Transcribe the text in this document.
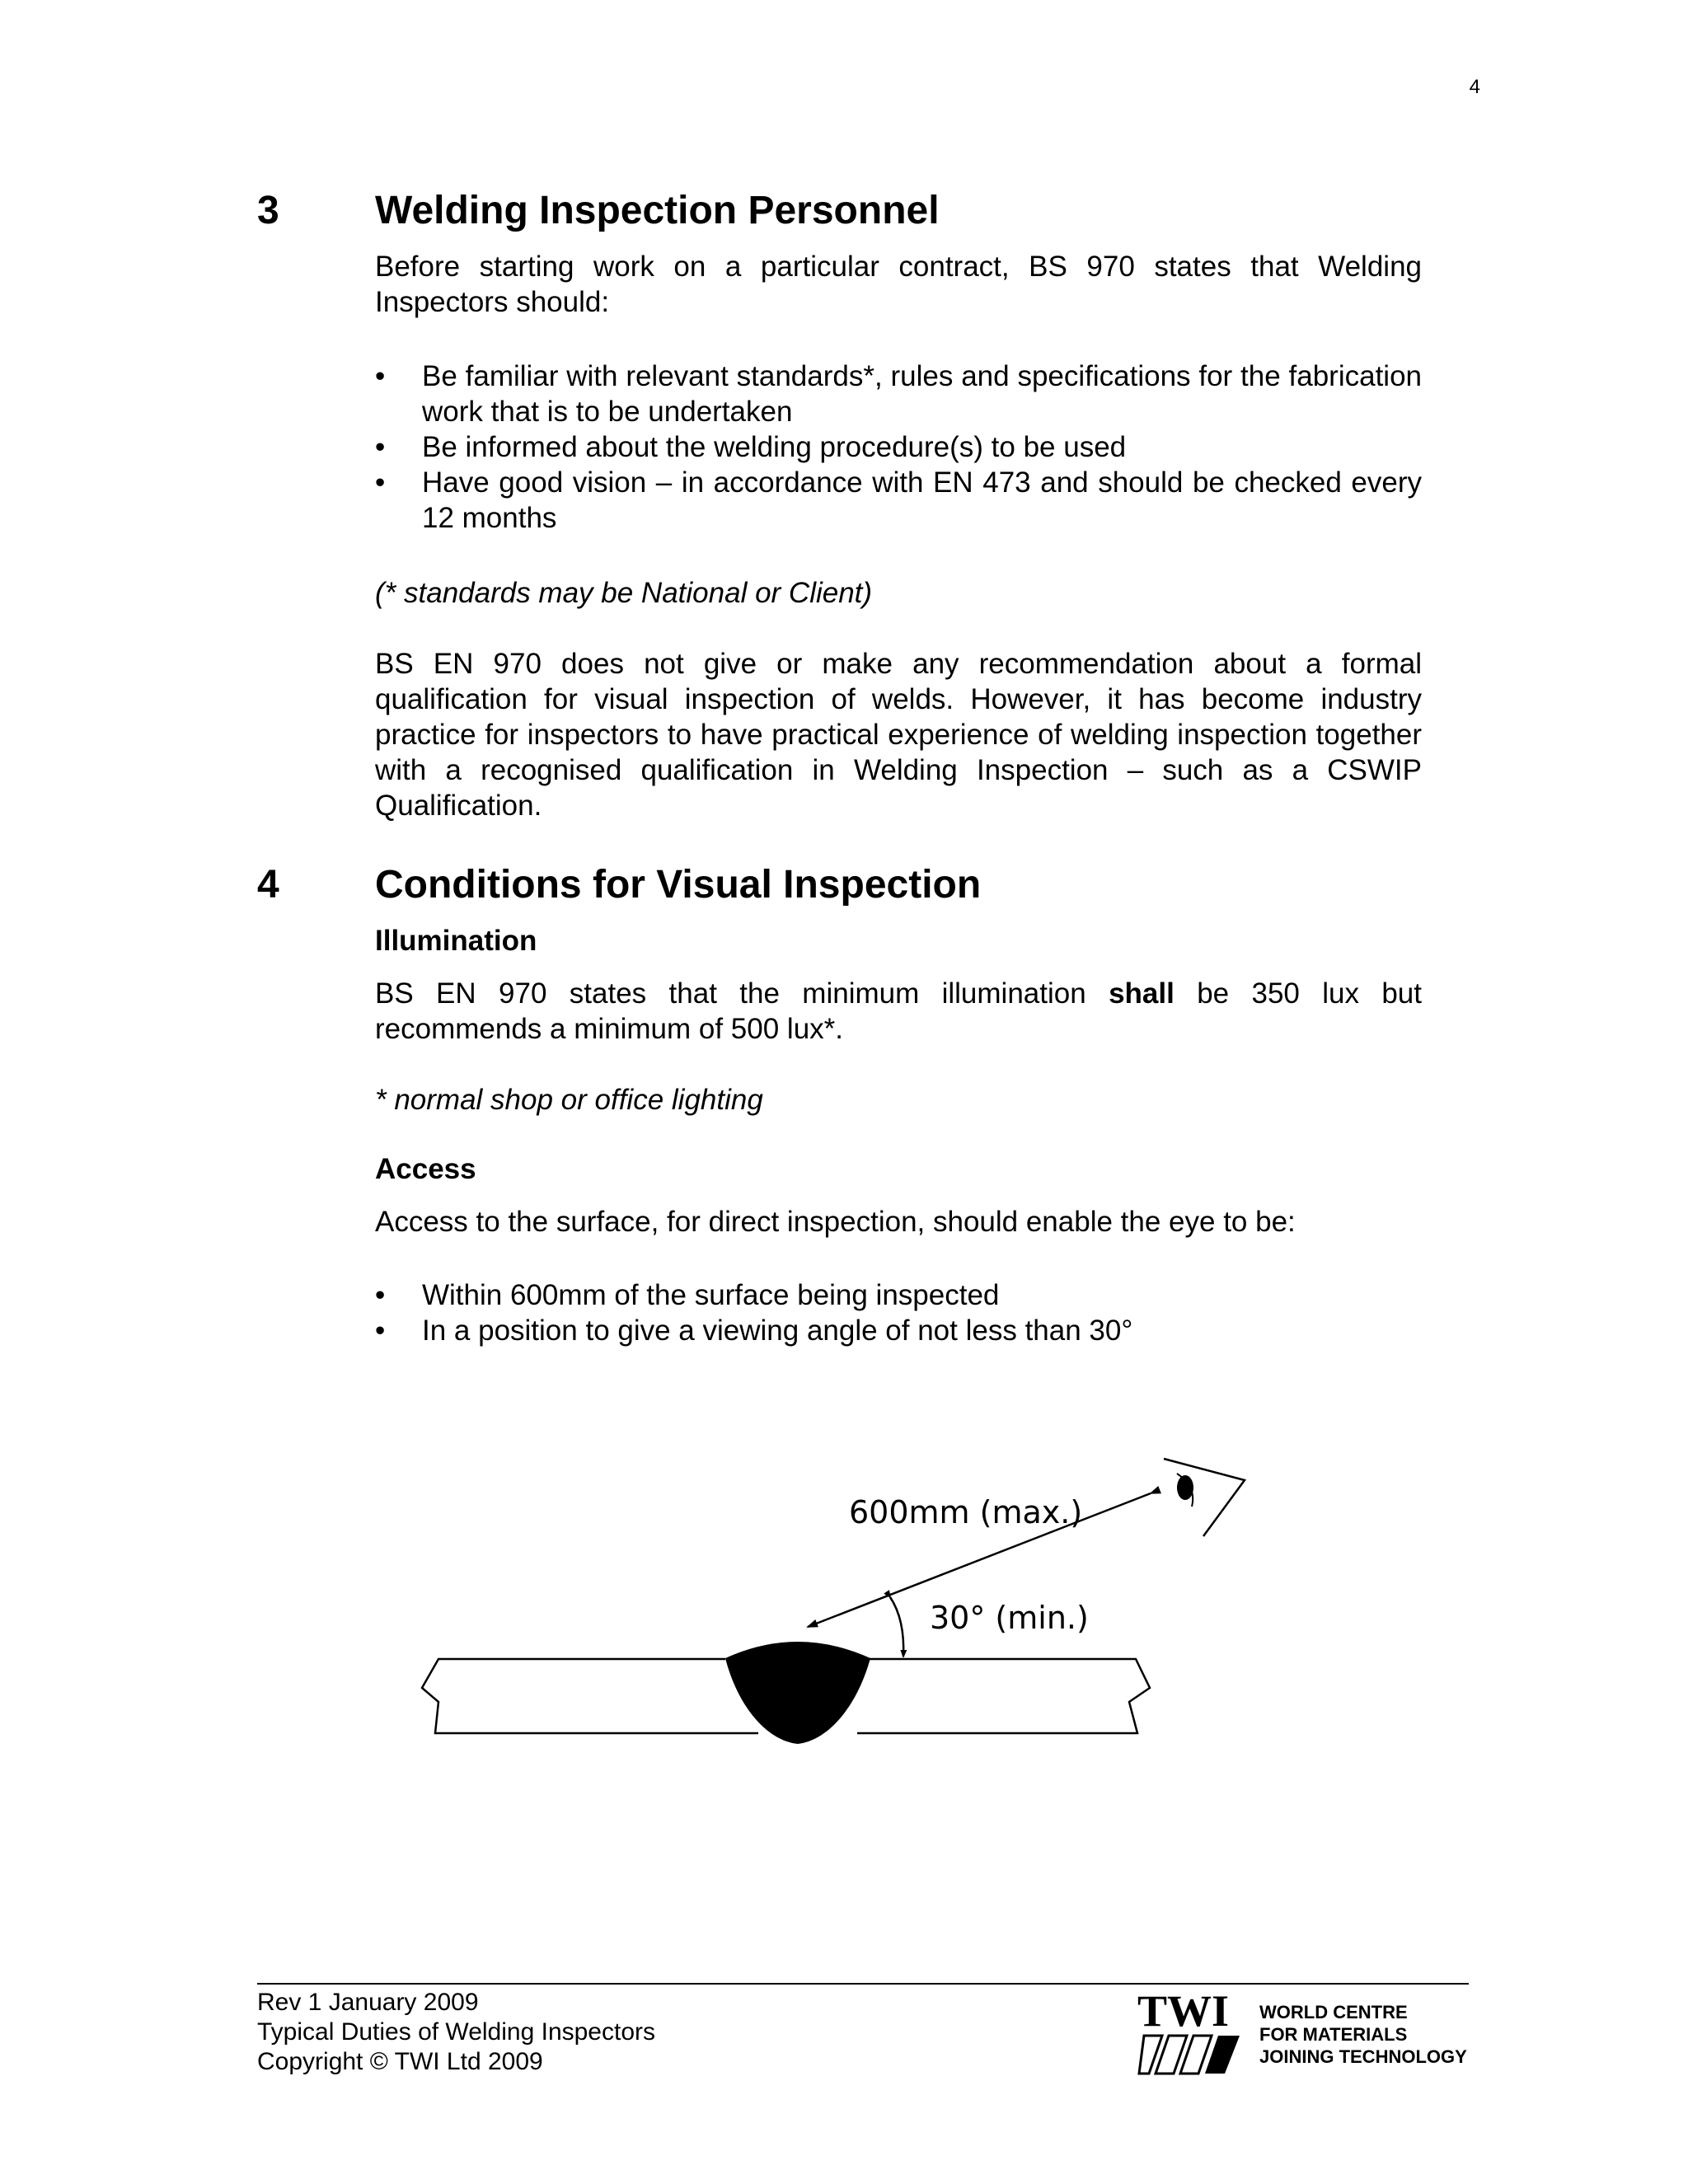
4
3 Welding Inspection Personnel
Before starting work on a particular contract, BS 970 states that Welding Inspectors should:
• Be familiar with relevant standards*, rules and specifications for the fabrication work that is to be undertaken
• Be informed about the welding procedure(s) to be used
• Have good vision – in accordance with EN 473 and should be checked every 12 months
(* standards may be National or Client)
BS EN 970 does not give or make any recommendation about a formal qualification for visual inspection of welds. However, it has become industry practice for inspectors to have practical experience of welding inspection together with a recognised qualification in Welding Inspection – such as a CSWIP Qualification.
4 Conditions for Visual Inspection
Illumination
BS EN 970 states that the minimum illumination shall be 350 lux but recommends a minimum of 500 lux*.
* normal shop or office lighting
Access
Access to the surface, for direct inspection, should enable the eye to be:
• Within 600mm of the surface being inspected
• In a position to give a viewing angle of not less than 30°
600mm (max.)
30° (min.)
Rev 1 January 2009
Typical Duties of Welding Inspectors
Copyright © TWI Ltd 2009
TWI WORLD CENTRE
FOR MATERIALS
JOINING TECHNOLOGY
